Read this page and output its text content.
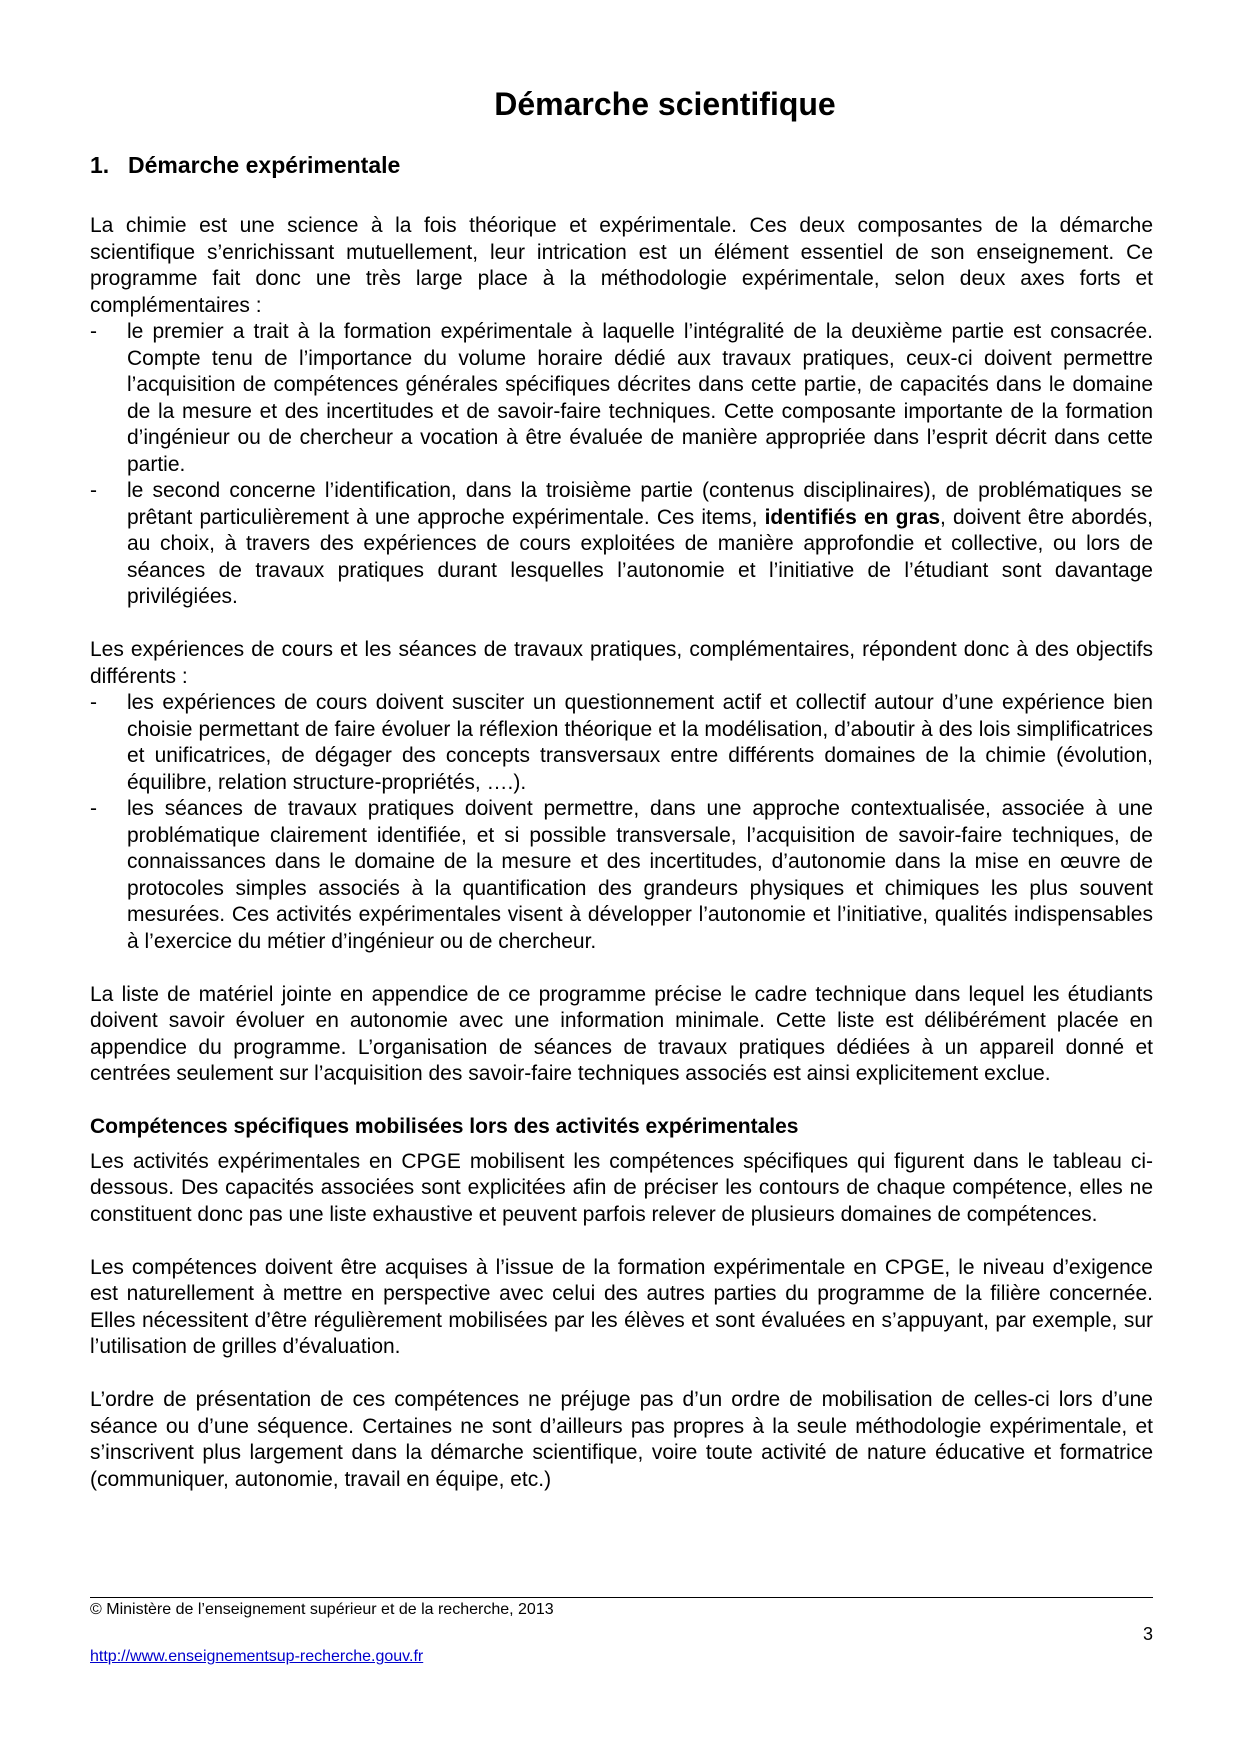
Démarche scientifique
1. Démarche expérimentale

La chimie est une science à la fois théorique et expérimentale. Ces deux composantes de la démarche scientifique s’enrichissant mutuellement, leur intrication est un élément essentiel de son enseignement. Ce programme fait donc une très large place à la méthodologie expérimentale, selon deux axes forts et complémentaires :

- le premier a trait à la formation expérimentale à laquelle l’intégralité de la deuxième partie est consacrée. Compte tenu de l’importance du volume horaire dédié aux travaux pratiques, ceux-ci doivent permettre l’acquisition de compétences générales spécifiques décrites dans cette partie, de capacités dans le domaine de la mesure et des incertitudes et de savoir-faire techniques. Cette composante importante de la formation d’ingénieur ou de chercheur a vocation à être évaluée de manière appropriée dans l’esprit décrit dans cette partie.
- le second concerne l’identification, dans la troisième partie (contenus disciplinaires), de problématiques se prêtant particulièrement à une approche expérimentale. Ces items, identifiés en gras, doivent être abordés, au choix, à travers des expériences de cours exploitées de manière approfondie et collective, ou lors de séances de travaux pratiques durant lesquelles l’autonomie et l’initiative de l’étudiant sont davantage privilégiées.

Les expériences de cours et les séances de travaux pratiques, complémentaires, répondent donc à des objectifs différents :

- les expériences de cours doivent susciter un questionnement actif et collectif autour d’une expérience bien choisie permettant de faire évoluer la réflexion théorique et la modélisation, d’aboutir à des lois simplificatrices et unificatrices, de dégager des concepts transversaux entre différents domaines de la chimie (évolution, équilibre, relation structure-propriétés, ….).
- les séances de travaux pratiques doivent permettre, dans une approche contextualisée, associée à une problématique clairement identifiée, et si possible transversale, l’acquisition de savoir-faire techniques, de connaissances dans le domaine de la mesure et des incertitudes, d’autonomie dans la mise en œuvre de protocoles simples associés à la quantification des grandeurs physiques et chimiques les plus souvent mesurées. Ces activités expérimentales visent à développer l’autonomie et l’initiative, qualités indispensables à l’exercice du métier d’ingénieur ou de chercheur.

La liste de matériel jointe en appendice de ce programme précise le cadre technique dans lequel les étudiants doivent savoir évoluer en autonomie avec une information minimale. Cette liste est délibérément placée en appendice du programme. L’organisation de séances de travaux pratiques dédiées à un appareil donné et centrées seulement sur l’acquisition des savoir-faire techniques associés est ainsi explicitement exclue.

Compétences spécifiques mobilisées lors des activités expérimentales

Les activités expérimentales en CPGE mobilisent les compétences spécifiques qui figurent dans le tableau ci-dessous. Des capacités associées sont explicitées afin de préciser les contours de chaque compétence, elles ne constituent donc pas une liste exhaustive et peuvent parfois relever de plusieurs domaines de compétences.

Les compétences doivent être acquises à l’issue de la formation expérimentale en CPGE, le niveau d’exigence est naturellement à mettre en perspective avec celui des autres parties du programme de la filière concernée. Elles nécessitent d’être régulièrement mobilisées par les élèves et sont évaluées en s’appuyant, par exemple, sur l’utilisation de grilles d’évaluation.

L’ordre de présentation de ces compétences ne préjuge pas d’un ordre de mobilisation de celles-ci lors d’une séance ou d’une séquence. Certaines ne sont d’ailleurs pas propres à la seule méthodologie expérimentale, et s’inscrivent plus largement dans la démarche scientifique, voire toute activité de nature éducative et formatrice (communiquer, autonomie, travail en équipe, etc.)

© Ministère de l’enseignement supérieur et de la recherche, 2013
3
http://www.enseignementsup-recherche.gouv.fr
